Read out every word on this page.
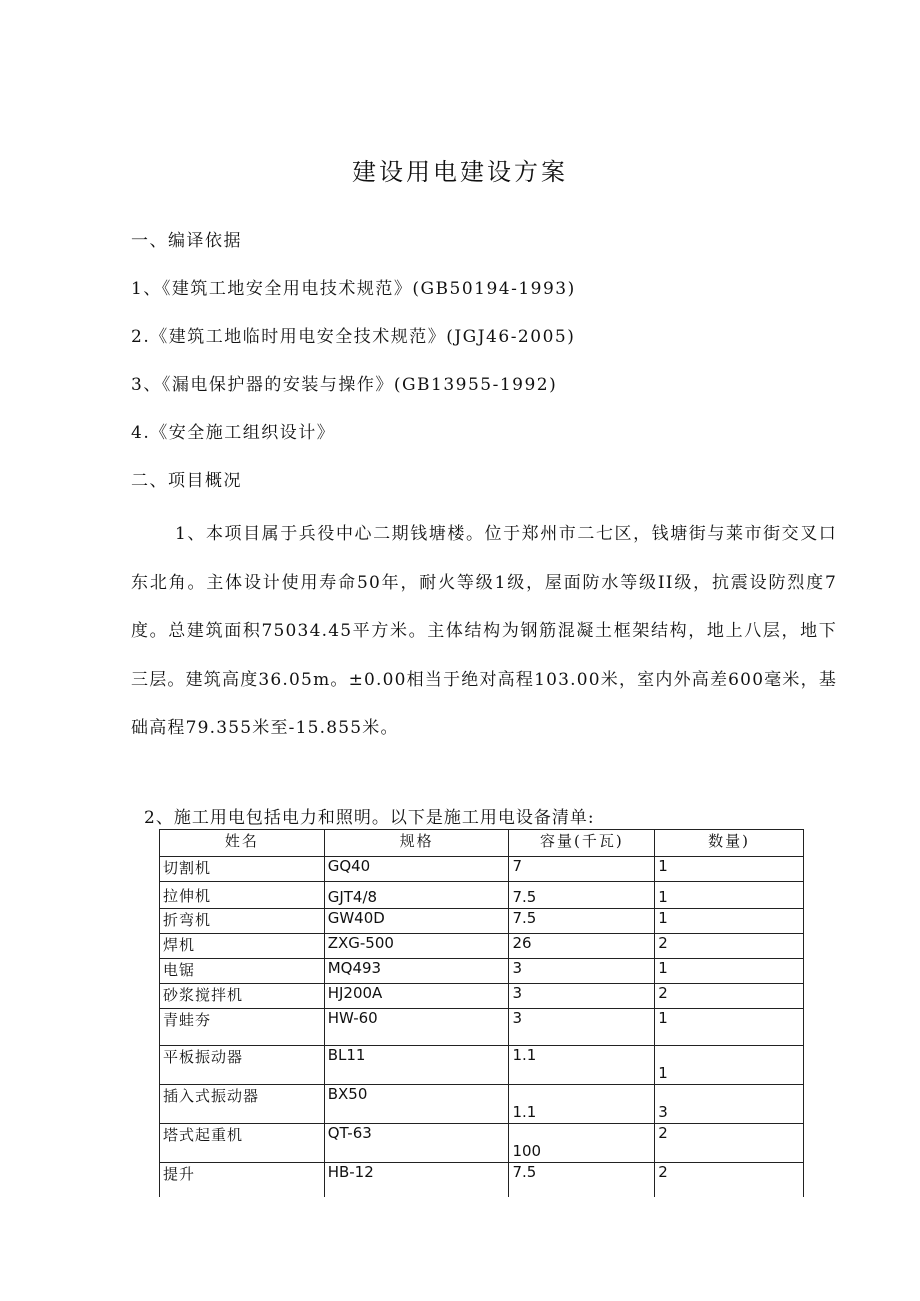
建设用电建设方案
一、编译依据
1、《建筑工地安全用电技术规范》(GB50194-1993)
2.《建筑工地临时用电安全技术规范》(JGJ46-2005)
3、《漏电保护器的安装与操作》(GB13955-1992)
4.《安全施工组织设计》
二、项目概况
1、本项目属于兵役中心二期钱塘楼。位于郑州市二七区，钱塘街与莱市街交叉口东北角。主体设计使用寿命50年，耐火等级1级，屋面防水等级II级，抗震设防烈度7度。总建筑面积75034.45平方米。主体结构为钢筋混凝土框架结构，地上八层，地下三层。建筑高度36.05m。±0.00相当于绝对高程103.00米，室内外高差600毫米，基础高程79.355米至-15.855米。
2、施工用电包括电力和照明。以下是施工用电设备清单:
姓名	规格	容量(千瓦)	数量)
切割机	GQ40	7	1
拉伸机	GJT4/8	7.5	1
折弯机	GW40D	7.5	1
焊机	ZXG-500	26	2
电锯	MQ493	3	1
砂浆搅拌机	HJ200A	3	2
青蛙夯	HW-60	3	1
平板振动器	BL11	1.1	1
插入式振动器	BX50	1.1	3
塔式起重机	QT-63	100	2
提升	HB-12	7.5	2
